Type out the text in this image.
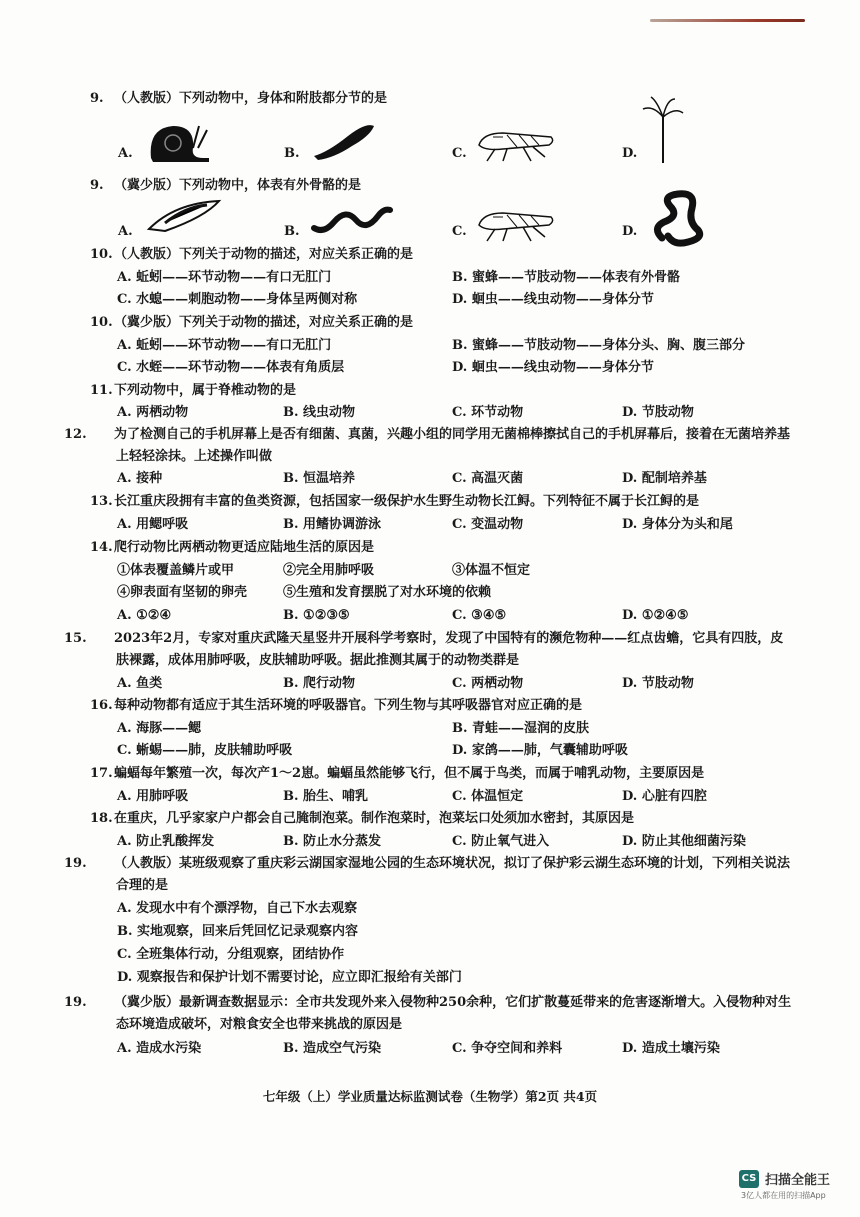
9. （人教版）下列动物中，身体和附肢都分节的是
A.	B.	C.	D.
9. （冀少版）下列动物中，体表有外骨骼的是
A.	B.	C.	D.
10.（人教版）下列关于动物的描述，对应关系正确的是
A. 蚯蚓——环节动物——有口无肛门	B. 蜜蜂——节肢动物——体表有外骨骼
C. 水螅——刺胞动物——身体呈两侧对称	D. 蛔虫——线虫动物——身体分节
10.（冀少版）下列关于动物的描述，对应关系正确的是
A. 蚯蚓——环节动物——有口无肛门	B. 蜜蜂——节肢动物——身体分头、胸、腹三部分
C. 水蛭——环节动物——体表有角质层	D. 蛔虫——线虫动物——身体分节
11.下列动物中，属于脊椎动物的是
A. 两栖动物	B. 线虫动物	C. 环节动物	D. 节肢动物
12. 为了检测自己的手机屏幕上是否有细菌、真菌，兴趣小组的同学用无菌棉棒擦拭自己的手机屏幕后，接着在无菌培养基上轻轻涂抹。上述操作叫做
A. 接种	B. 恒温培养	C. 高温灭菌	D. 配制培养基
13.长江重庆段拥有丰富的鱼类资源，包括国家一级保护水生野生动物长江鲟。下列特征不属于长江鲟的是
A. 用鳃呼吸	B. 用鳍协调游泳	C. 变温动物	D. 身体分为头和尾
14.爬行动物比两栖动物更适应陆地生活的原因是
①体表覆盖鳞片或甲	②完全用肺呼吸	③体温不恒定
④卵表面有坚韧的卵壳	⑤生殖和发育摆脱了对水环境的依赖
A. ①②④	B. ①②③⑤	C. ③④⑤	D. ①②④⑤
15. 2023年2月，专家对重庆武隆天星竖井开展科学考察时，发现了中国特有的濒危物种——红点齿蟾，它具有四肢，皮肤裸露，成体用肺呼吸，皮肤辅助呼吸。据此推测其属于的动物类群是
A. 鱼类	B. 爬行动物	C. 两栖动物	D. 节肢动物
16.每种动物都有适应于其生活环境的呼吸器官。下列生物与其呼吸器官对应正确的是
A. 海豚——鳃	B. 青蛙——湿润的皮肤
C. 蜥蜴——肺，皮肤辅助呼吸	D. 家鸽——肺，气囊辅助呼吸
17.蝙蝠每年繁殖一次，每次产1～2崽。蝙蝠虽然能够飞行，但不属于鸟类，而属于哺乳动物，主要原因是
A. 用肺呼吸	B. 胎生、哺乳	C. 体温恒定	D. 心脏有四腔
18.在重庆，几乎家家户户都会自己腌制泡菜。制作泡菜时，泡菜坛口处须加水密封，其原因是
A. 防止乳酸挥发	B. 防止水分蒸发	C. 防止氧气进入	D. 防止其他细菌污染
19. （人教版）某班级观察了重庆彩云湖国家湿地公园的生态环境状况，拟订了保护彩云湖生态环境的计划，下列相关说法合理的是
A. 发现水中有个漂浮物，自己下水去观察
B. 实地观察，回来后凭回忆记录观察内容
C. 全班集体行动，分组观察，团结协作
D. 观察报告和保护计划不需要讨论，应立即汇报给有关部门
19. （冀少版）最新调查数据显示：全市共发现外来入侵物种250余种，它们扩散蔓延带来的危害逐渐增大。入侵物种对生态环境造成破坏，对粮食安全也带来挑战的原因是
A. 造成水污染	B. 造成空气污染	C. 争夺空间和养料	D. 造成土壤污染
七年级（上）学业质量达标监测试卷（生物学）第2页 共4页
CS 扫描全能王
3亿人都在用的扫描App
